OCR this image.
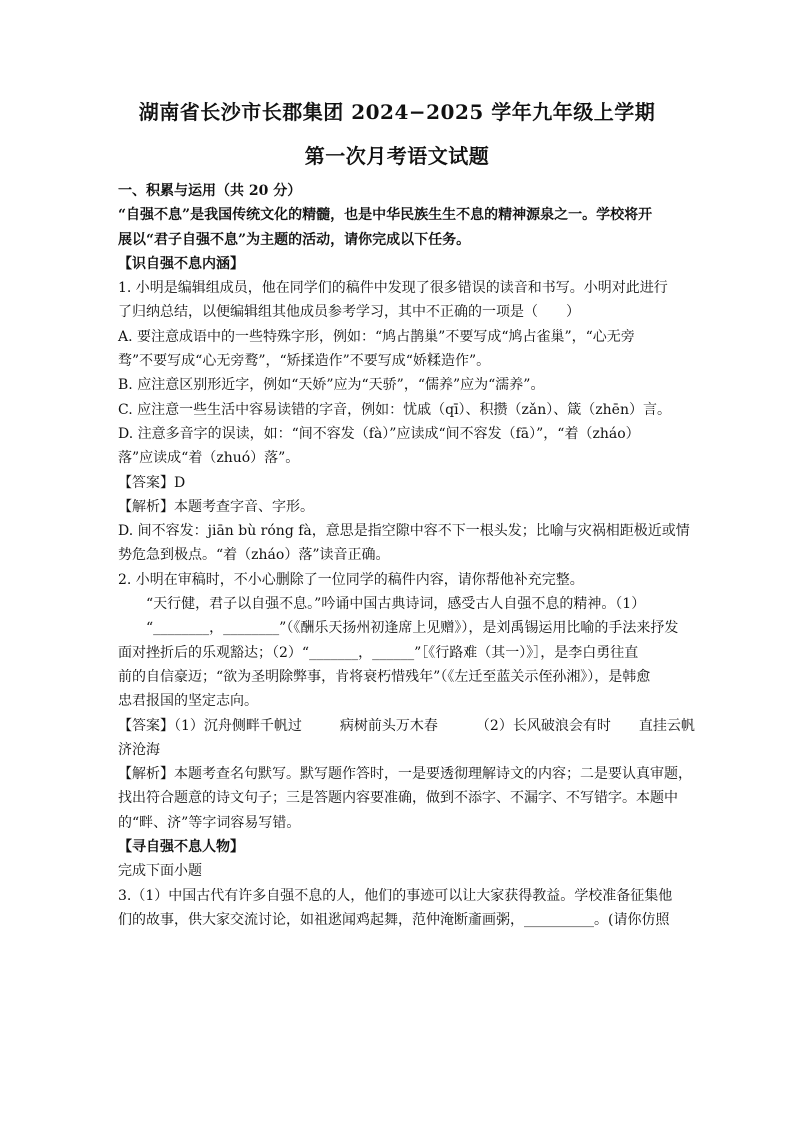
湖南省长沙市长郡集团 2024−2025 学年九年级上学期
第一次月考语文试题
一、积累与运用（共 20 分）
“自强不息”是我国传统文化的精髓，也是中华民族生生不息的精神源泉之一。学校将开
展以“君子自强不息”为主题的活动，请你完成以下任务。
【识自强不息内涵】
1. 小明是编辑组成员，他在同学们的稿件中发现了很多错误的读音和书写。小明对此进行
了归纳总结，以便编辑组其他成员参考学习，其中不正确的一项是（　　）
A. 要注意成语中的一些特殊字形，例如：“鸠占鹊巢”不要写成“鸠占雀巢”，“心无旁
骛”不要写成“心无旁鹜”，“矫揉造作”不要写成“娇糅造作”。
B. 应注意区别形近字，例如“天娇”应为“天骄”，“儒养”应为“濡养”。
C. 应注意一些生活中容易读错的字音，例如：忧戚（qī）、积攒（zǎn）、箴（zhēn）言。
D. 注意多音字的误读，如：“间不容发（fà）”应读成“间不容发（fā）”，“着（zháo）
落”应读成“着（zhuó）落”。
【答案】D
【解析】本题考查字音、字形。
D. 间不容发：jiān bù róng fà，意思是指空隙中容不下一根头发；比喻与灾祸相距极近或情
势危急到极点。“着（zháo）落”读音正确。
2. 小明在审稿时，不小心删除了一位同学的稿件内容，请你帮他补充完整。
“天行健，君子以自强不息。”吟诵中国古典诗词，感受古人自强不息的精神。（1）
“________，________”（《酬乐天扬州初逢席上见赠》），是刘禹锡运用比喻的手法来抒发
面对挫折后的乐观豁达；（2）“_______，______”［《行路难（其一）》］，是李白勇往直
前的自信豪迈；“欲为圣明除弊事，肯将衰朽惜残年”（《左迁至蓝关示侄孙湘》），是韩愈
忠君报国的坚定志向。
【答案】（1）沉舟侧畔千帆过	病树前头万木春	（2）长风破浪会有时 直挂云帆
济沧海
【解析】本题考查名句默写。默写题作答时，一是要透彻理解诗文的内容；二是要认真审题，
找出符合题意的诗文句子；三是答题内容要准确，做到不添字、不漏字、不写错字。本题中
的“畔、济”等字词容易写错。
【寻自强不息人物】
完成下面小题
3.（1）中国古代有许多自强不息的人，他们的事迹可以让大家获得教益。学校准备征集他
们的故事，供大家交流讨论，如祖逖闻鸡起舞，范仲淹断齑画粥，__________。(请你仿照
